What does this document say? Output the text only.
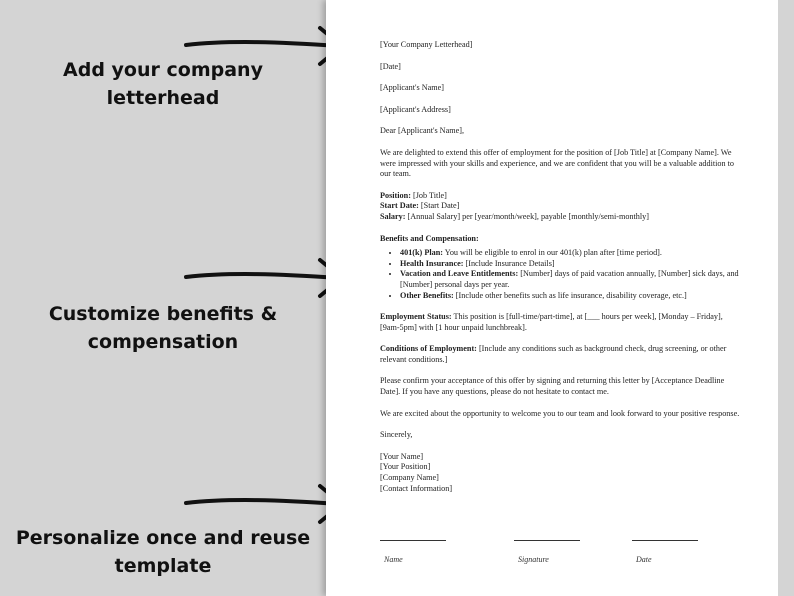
Add your company
letterhead
Customize benefits &
compensation
Personalize once and reuse
template

[Your Company Letterhead]

[Date]

[Applicant's Name]

[Applicant's Address]

Dear [Applicant's Name],

We are delighted to extend this offer of employment for the position of [Job Title] at [Company Name]. We were impressed with your skills and experience, and we are confident that you will be a valuable addition to our team.

Position: [Job Title]

Start Date: [Start Date]

Salary: [Annual Salary] per [year/month/week], payable [monthly/semi-monthly]

Benefits and Compensation:

• 401(k) Plan: You will be eligible to enrol in our 401(k) plan after [time period].
• Health Insurance: [Include Insurance Details]
• Vacation and Leave Entitlements: [Number] days of paid vacation annually, [Number] sick days, and [Number] personal days per year.
• Other Benefits: [Include other benefits such as life insurance, disability coverage, etc.]

Employment Status: This position is [full-time/part-time], at [___ hours per week], [Monday – Friday], [9am-5pm] with [1 hour unpaid lunchbreak].

Conditions of Employment: [Include any conditions such as background check, drug screening, or other relevant conditions.]

Please confirm your acceptance of this offer by signing and returning this letter by [Acceptance Deadline Date]. If you have any questions, please do not hesitate to contact me.

We are excited about the opportunity to welcome you to our team and look forward to your positive response.

Sincerely,

[Your Name]
[Your Position]
[Company Name]
[Contact Information]
Name	Signature	Date
